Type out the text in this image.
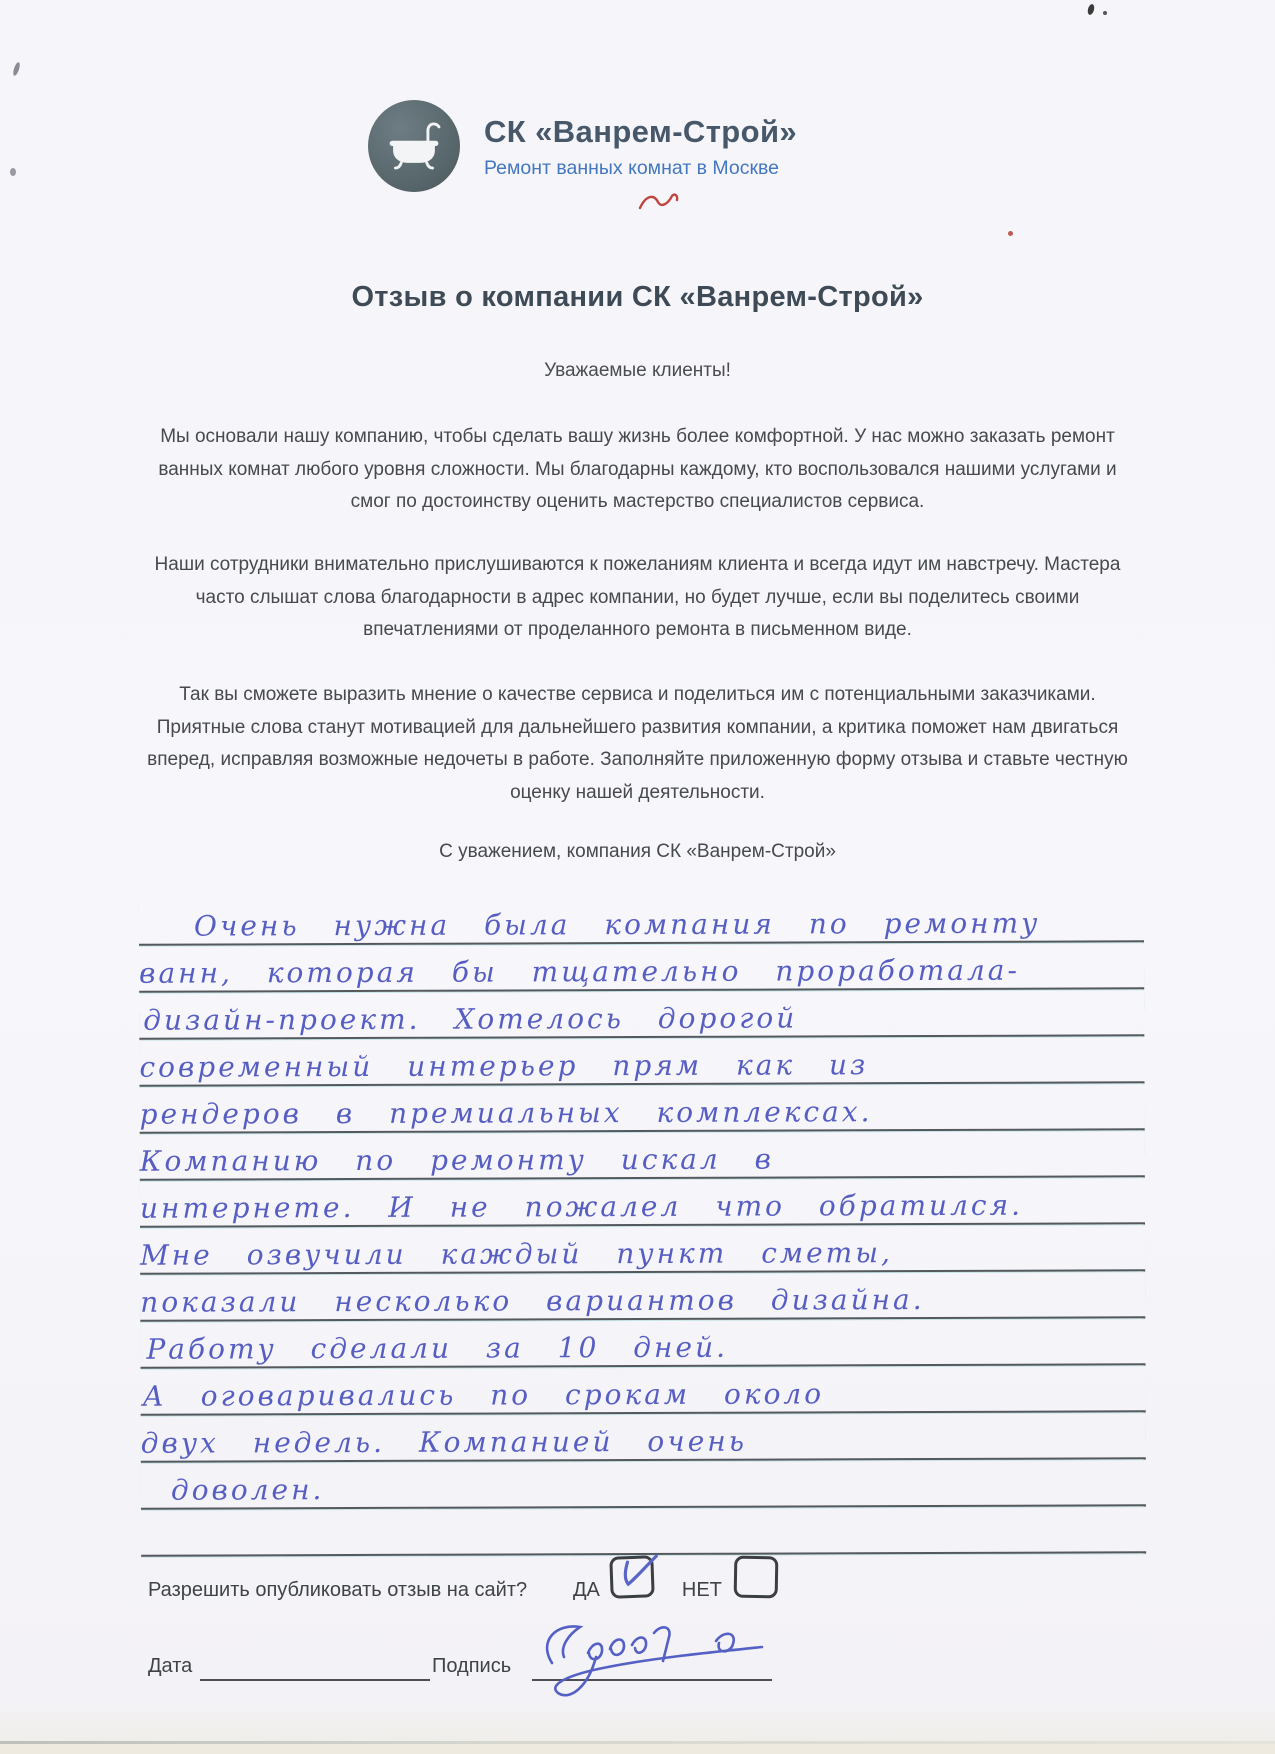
СК «Ванрем-Строй»
Ремонт ванных комнат в Москве
Отзыв о компании СК «Ванрем-Строй»
Уважаемые клиенты!

Мы основали нашу компанию, чтобы сделать вашу жизнь более комфортной. У нас можно заказать ремонт ванных комнат любого уровня сложности. Мы благодарны каждому, кто воспользовался нашими услугами и смог по достоинству оценить мастерство специалистов сервиса.

Наши сотрудники внимательно прислушиваются к пожеланиям клиента и всегда идут им навстречу. Мастера часто слышат слова благодарности в адрес компании, но будет лучше, если вы поделитесь своими впечатлениями от проделанного ремонта в письменном виде.

Так вы сможете выразить мнение о качестве сервиса и поделиться им с потенциальными заказчиками. Приятные слова станут мотивацией для дальнейшего развития компании, а критика поможет нам двигаться вперед, исправляя возможные недочеты в работе. Заполняйте приложенную форму отзыва и ставьте честную оценку нашей деятельности.

С уважением, компания СК «Ванрем-Строй»
Очень нужна была компания по ремонту
ванн, которая бы тщательно проработала-
дизайн-проект. Хотелось дорогой
современный интерьер прям как из
рендеров в премиальных комплексах.
Компанию по ремонту искал в
интернете. И не пожалел что обратился.
Мне озвучили каждый пункт сметы,
показали несколько вариантов дизайна.
Работу сделали за 10 дней.
А оговаривались по срокам около
двух недель. Компанией очень
доволен.
Разрешить опубликовать отзыв на сайт?	ДА	НЕТ
Дата	Подпись
